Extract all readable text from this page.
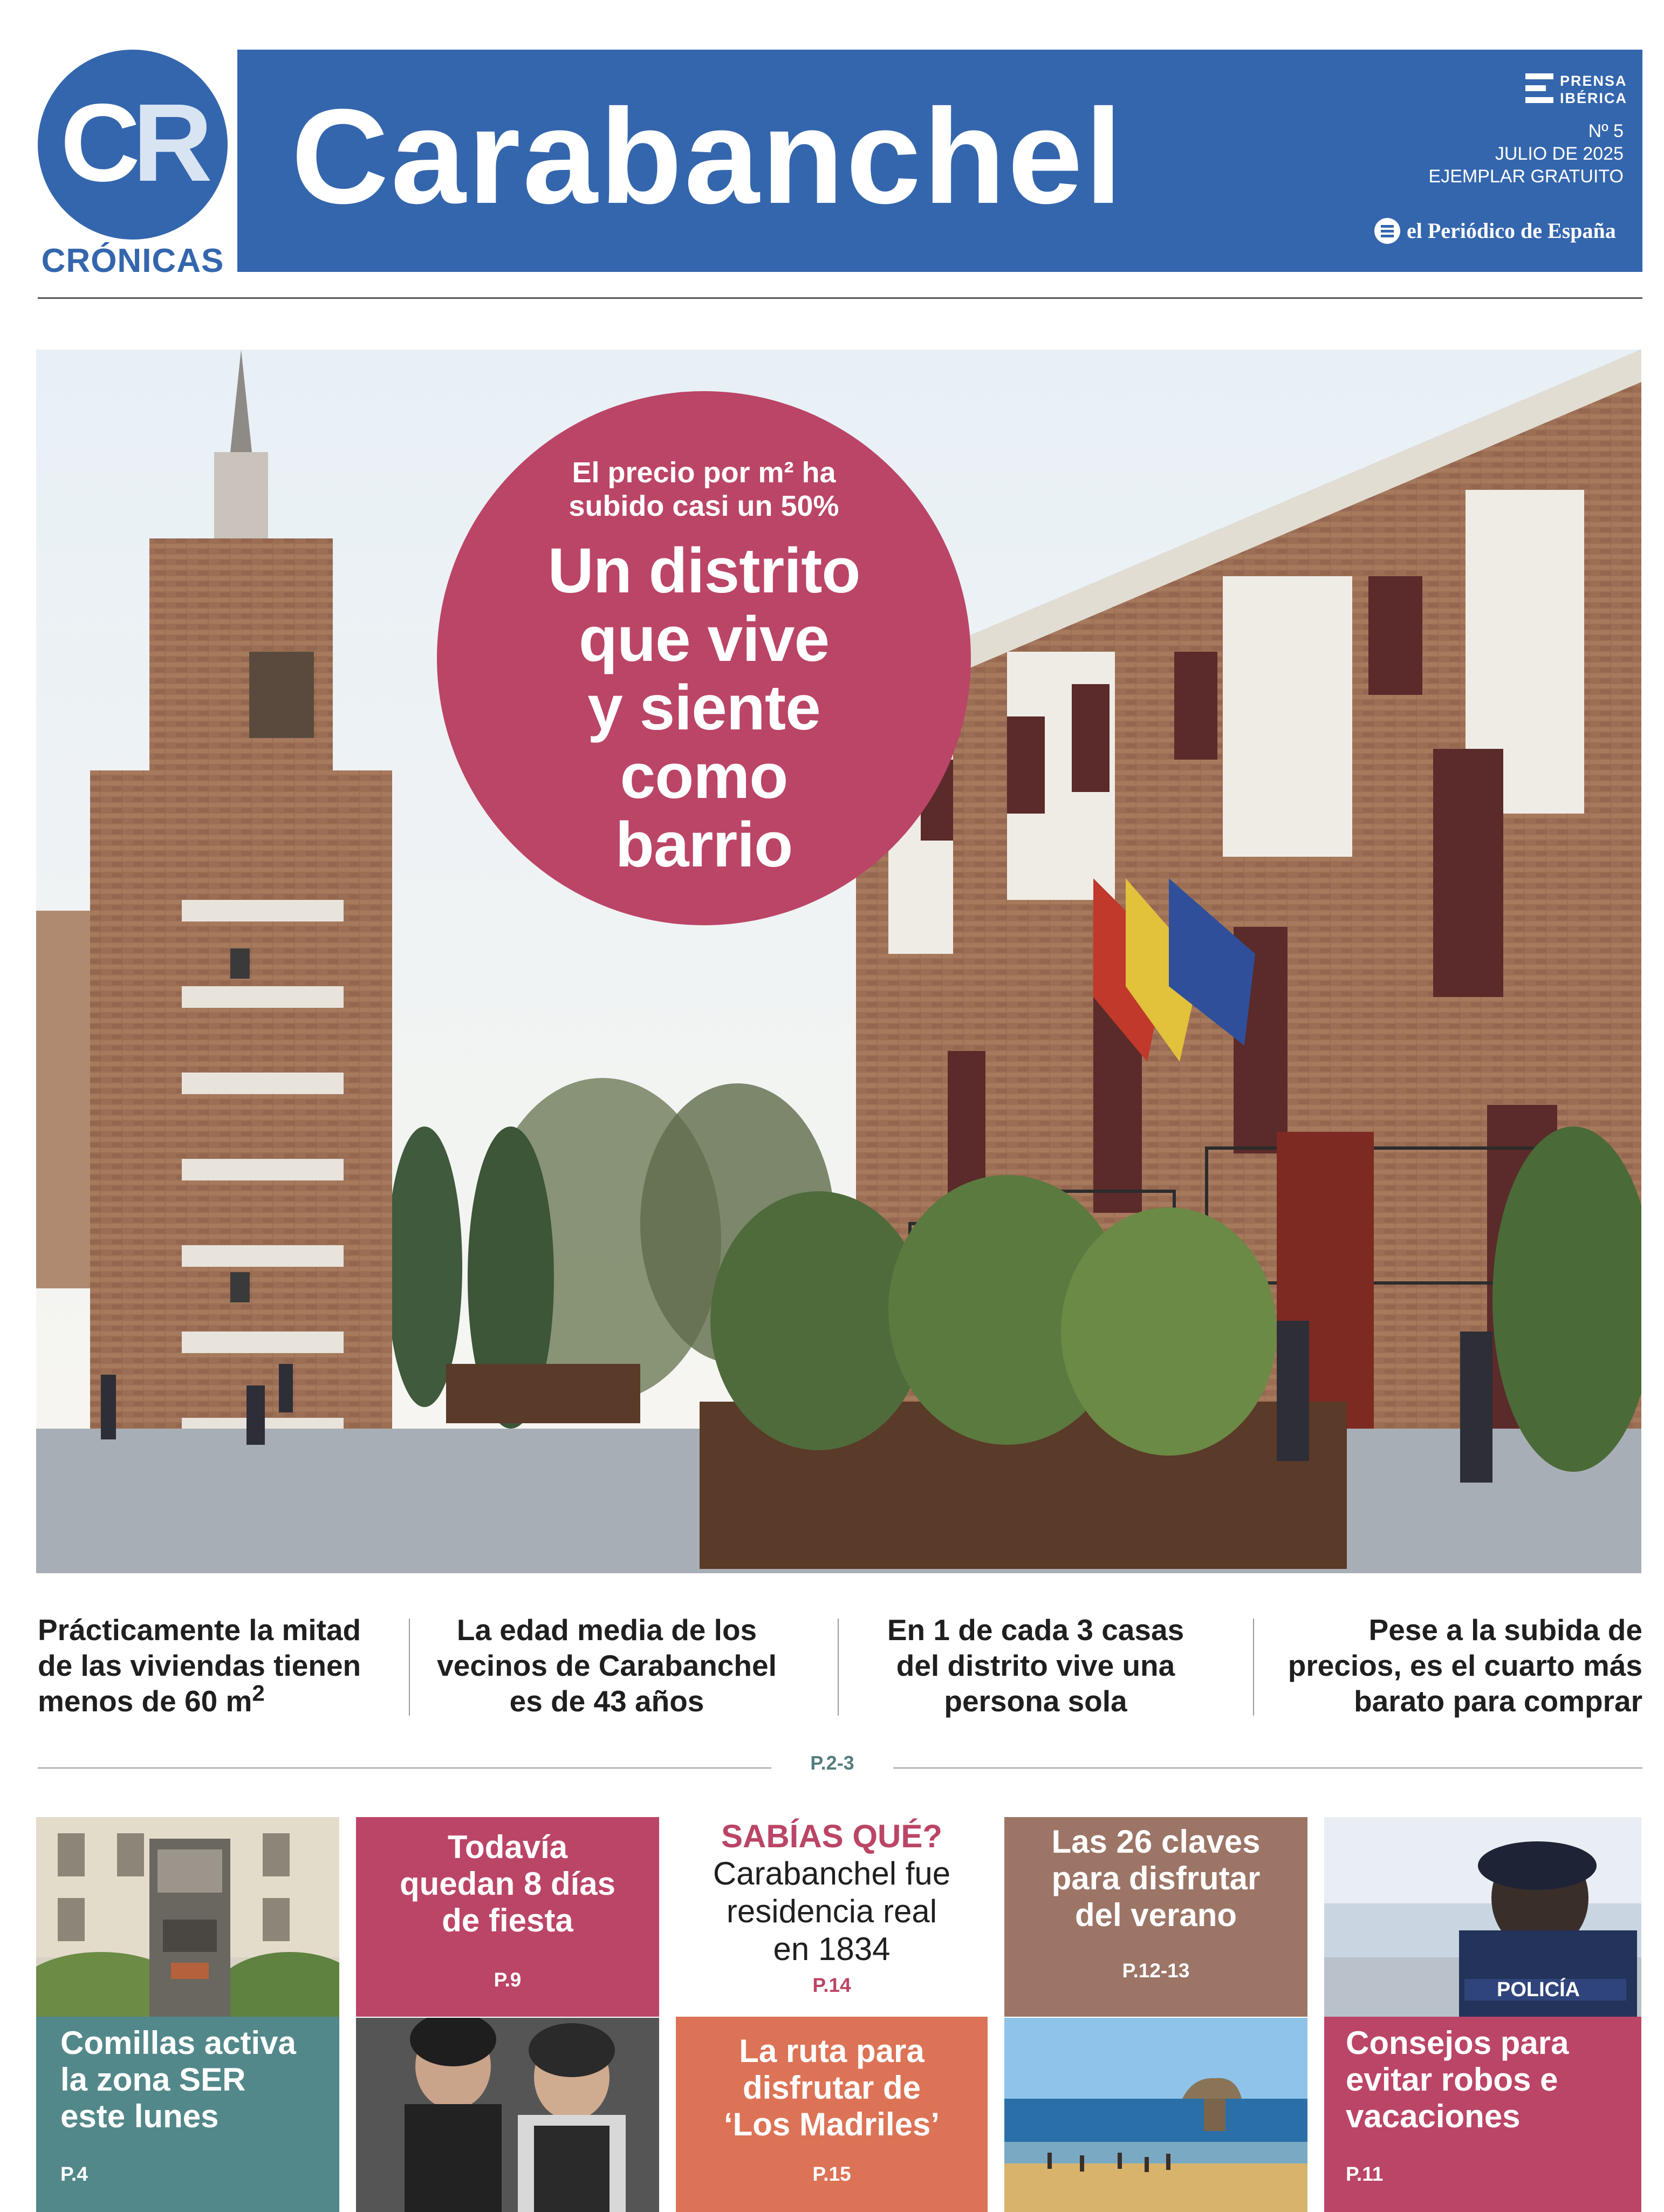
CR
CRÓNICAS
Carabanchel	PRENSA
IBÉRICA
Nº 5
JULIO DE 2025
EJEMPLAR GRATUITO
el Periódico de España
El precio por m² ha
subido casi un 50%
Un distrito
que vive
y siente
como
barrio
Prácticamente la mitad
de las viviendas tienen
menos de 60 $m^2$
La edad media de los
vecinos de Carabanchel
es de 43 años
En 1 de cada 3 casas
del distrito vive una
persona sola
Pese a la subida de
precios, es el cuarto más
barato para comprar
P.2-3
Comillas activa
la zona SER
este lunes
P.4
Todavía
quedan 8 días
de fiesta
P.9
SABÍAS QUÉ?
Carabanchel fue
residencia real
en 1834
P.14
La ruta para
disfrutar de
‘Los Madriles’
P.15
Las 26 claves
para disfrutar
del verano
P.12-13
POLICÍA
Consejos para
evitar robos e
vacaciones
P.11
